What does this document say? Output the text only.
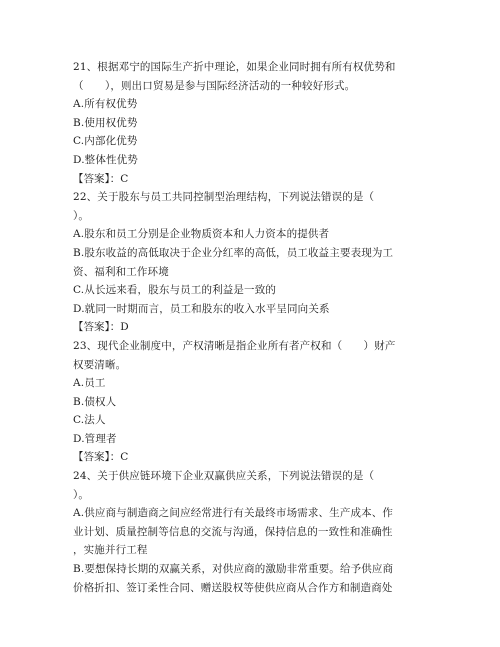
21、根据邓宁的国际生产折中理论，如果企业同时拥有所有权优势和
（　　），则出口贸易是参与国际经济活动的一种较好形式。
A.所有权优势
B.使用权优势
C.内部化优势
D.整体性优势
【答案】：C
22、关于股东与员工共同控制型治理结构，下列说法错误的是（
）。
A.股东和员工分别是企业物质资本和人力资本的提供者
B.股东收益的高低取决于企业分红率的高低，员工收益主要表现为工
资、福利和工作环境
C.从长远来看，股东与员工的利益是一致的
D.就同一时期而言，员工和股东的收入水平呈同向关系
【答案】：D
23、现代企业制度中，产权清晰是指企业所有者产权和（　　）财产
权要清晰。
A.员工
B.债权人
C.法人
D.管理者
【答案】：C
24、关于供应链环境下企业双赢供应关系，下列说法错误的是（
）。
A.供应商与制造商之间应经常进行有关最终市场需求、生产成本、作
业计划、质量控制等信息的交流与沟通，保持信息的一致性和准确性
，实施并行工程
B.要想保持长期的双赢关系，对供应商的激励非常重要。给予供应商
价格折扣、签订柔性合同、赠送股权等使供应商从合作方和制造商处
